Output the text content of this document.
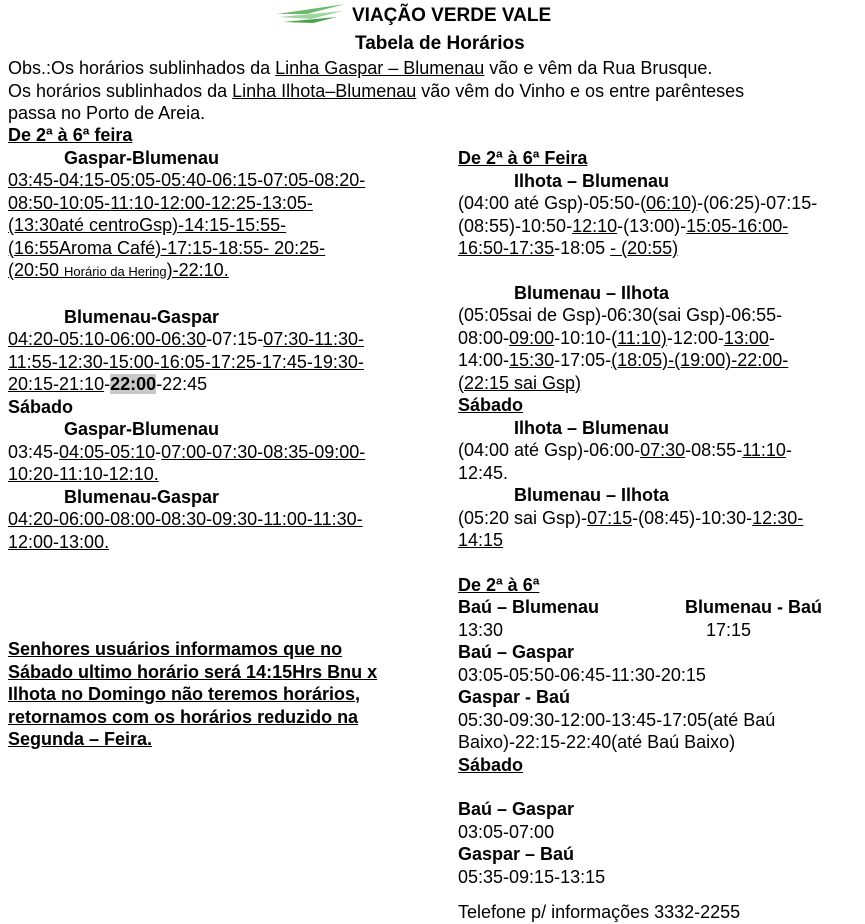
VIAÇÃO VERDE VALE
Tabela de Horários

Obs.:Os horários sublinhados da Linha Gaspar – Blumenau vão e vêm da Rua Brusque.

Os horários sublinhados da Linha Ilhota–Blumenau vão vêm do Vinho e os entre parênteses

passa no Porto de Areia.

De 2ª à 6ª feira

Gaspar-Blumenau

03:45-04:15-05:05-05:40-06:15-07:05-08:20-

08:50-10:05-11:10-12:00-12:25-13:05-

(13:30até centroGsp)-14:15-15:55-

(16:55Aroma Café)-17:15-18:55- 20:25-

(20:50 Horário da Hering)-22:10.

Blumenau-Gaspar

04:20-05:10-06:00-06:30-07:15-07:30-11:30-

11:55-12:30-15:00-16:05-17:25-17:45-19:30-

20:15-21:10-22:00-22:45

Sábado

Gaspar-Blumenau

03:45-04:05-05:10-07:00-07:30-08:35-09:00-

10:20-11:10-12:10.

Blumenau-Gaspar

04:20-06:00-08:00-08:30-09:30-11:00-11:30-

12:00-13:00.

Senhores usuários informamos que no

Sábado ultimo horário será 14:15Hrs Bnu x

Ilhota no Domingo não teremos horários,

retornamos com os horários reduzido na

Segunda – Feira.

De 2ª à 6ª Feira

Ilhota – Blumenau

(04:00 até Gsp)-05:50-(06:10)-(06:25)-07:15-

(08:55)-10:50-12:10-(13:00)-15:05-16:00-

16:50-17:35-18:05 - (20:55)

Blumenau – Ilhota

(05:05sai de Gsp)-06:30(sai Gsp)-06:55-

08:00-09:00-10:10-(11:10)-12:00-13:00-

14:00-15:30-17:05-(18:05)-(19:00)-22:00-

(22:15 sai Gsp)

Sábado

Ilhota – Blumenau

(04:00 até Gsp)-06:00-07:30-08:55-11:10-

12:45.

Blumenau – Ilhota

(05:20 sai Gsp)-07:15-(08:45)-10:30-12:30-

14:15

De 2ª à 6ª

Baú – Blumenau	Blumenau - Baú

13:30	17:15

Baú – Gaspar

03:05-05:50-06:45-11:30-20:15

Gaspar - Baú

05:30-09:30-12:00-13:45-17:05(até Baú

Baixo)-22:15-22:40(até Baú Baixo)

Sábado

Baú – Gaspar

03:05-07:00

Gaspar – Baú

05:35-09:15-13:15

Telefone p/ informações 3332-2255
